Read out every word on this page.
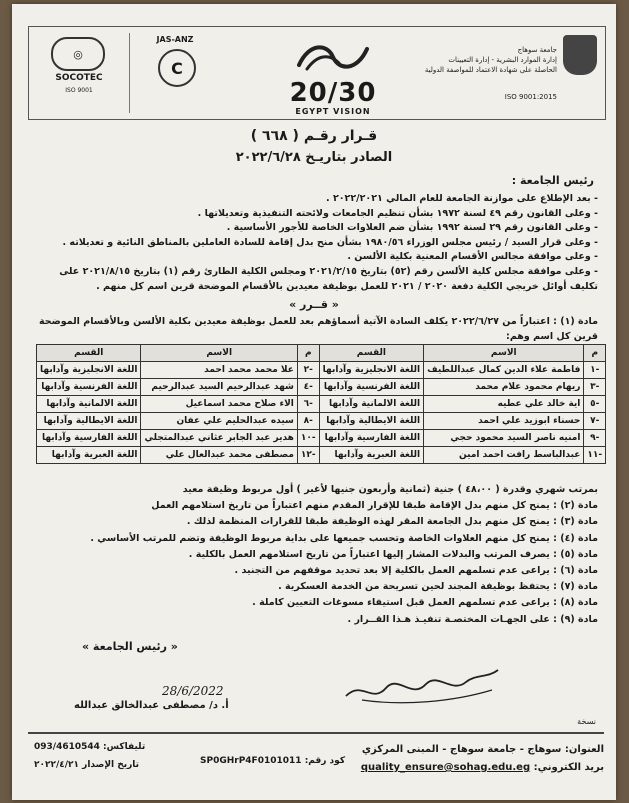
◎
SOCOTEC
ISO 9001
JAS-ANZ
C
20/30
EGYPT VISION
جامعة سوهاج
إدارة الموارد البشرية - إدارة التعيينات
الحاصلة على شهادة الاعتماد للمواصفة الدولية
ISO 9001:2015
قـرار رقـم ( ٦٦٨ )
الصادر بتاريـخ ٢٠٢٢/٦/٢٨
رئيس الجامعة :
- بعد الإطلاع على موازنة الجامعة للعام المالي ٢٠٢٢/٢٠٢١ .
- وعلى القانون رقم ٤٩ لسنة ١٩٧٢ بشأن تنظيم الجامعات ولائحته التنفيذية وتعديلاتها .
- وعلى القانون رقم ٢٩ لسنة ١٩٩٢ بشأن ضم العلاوات الخاصة للأجور الأساسية .
- وعلى قرار السيد / رئيس مجلس الوزراء ١٩٨٠/٥٦ بشأن منح بدل إقامة للسادة العاملين بالمناطق النائية و تعديلاته .
- وعلى موافقة مجالس الأقسام المعنية بكلية الألسن .
- وعلى موافقة مجلس كلية الألسن رقم (٥٢) بتاريخ ٢٠٢١/٢/١٥ ومجلس الكلية الطارئ رقم (١) بتاريخ ٢٠٢١/٨/١٥ على
تكليف أوائل خريجي الكلية دفعة ٢٠٢٠ / ٢٠٢١ للعمل بوظيفة معيدين بالأقسام الموضحة قرين اسم كل منهم .
« قــرر »
مادة (١) : اعتباراً من ٢٠٢٢/٦/٢٧ يكلف السادة الآتية أسماؤهم بعد للعمل بوظيفة معيدين بكلية الألسن وبالأقسام الموضحة
قرين كل اسم وهم:
م	الاسم	القسم	م	الاسم	القسم
-١	فاطمة علاء الدين كمال عبداللطيف	اللغة الانجليزية وآدابها	-٢	علا محمد محمد احمد	اللغة الانجليزية وآدابها
-٣	ريهام محمود علام محمد	اللغة الفرنسية وآدابها	-٤	شهد عبدالرحيم السيد عبدالرحيم	اللغة الفرنسية وآدابها
-٥	اية خالد علي عطيه	اللغة الالمانية وآدابها	-٦	الاء صلاح محمد اسماعيل	اللغة الالمانية وآدابها
-٧	حسناء ابوزيد علي احمد	اللغة الايطالية وآدابها	-٨	سيده عبدالحليم علي عفان	اللغة الايطالية وآدابها
-٩	امنيه ناصر السيد محمود حجي	اللغة الفارسية وآدابها	-١٠	هدير عبد الجابر عثاني عبدالمتجلي	اللغة الفارسية وآدابها
-١١	عبدالباسط رافت احمد امين	اللغة العبرية وآدابها	-١٢	مصطفى محمد عبدالعال علي	اللغة العبرية وآدابها
بمرتب شهري وقدرة ( ٤٨،٠٠ ) جنية (ثمانية وأربعون جنيها لأغير ) أول مربوط وظيفة معيد
مادة (٢) : يمنح كل منهم بدل الإقامة طبقا للإقرار المقدم منهم اعتباراً من تاريخ استلامهم العمل
مادة (٣) : يمنح كل منهم بدل الجامعة المقر لهذه الوظيفة طبقا للقرارات المنظمة لذلك .
مادة (٤) : يمنح كل منهم العلاوات الخاصة وتحسب جميعها على بداية مربوط الوظيفة وتضم للمرتب الأساسي .
مادة (٥) : يصرف المرتب والبدلات المشار إليها اعتباراً من تاريخ استلامهم العمل بالكلية .
مادة (٦) : يراعى عدم تسلمهم العمل بالكلية إلا بعد تحديد موقفهم من التجنيد .
مادة (٧) : يحتفظ بوظيفة المجند لحين تسريحة من الخدمة العسكرية .
مادة (٨) : يراعى عدم تسلمهم العمل قبل استيفاء مسوغات التعيين كاملة .
مادة (٩) : على الجهـات المختصـة تنفيـذ هـذا القــرار .
« رئيس الجامعة »
28/6/2022
أ. د/ مصطفى عبدالخالق عبدالله
نسخة
العنوان: سوهاج - جامعة سوهاج - المبنى المركزي
بريد الكتروني: quality_ensure@sohag.edu.eg
كود رقم: SP0GHrP4F0101011
تليفاكس: 093/4610544
تاريخ الإصدار ٢٠٢٢/٤/٢١
